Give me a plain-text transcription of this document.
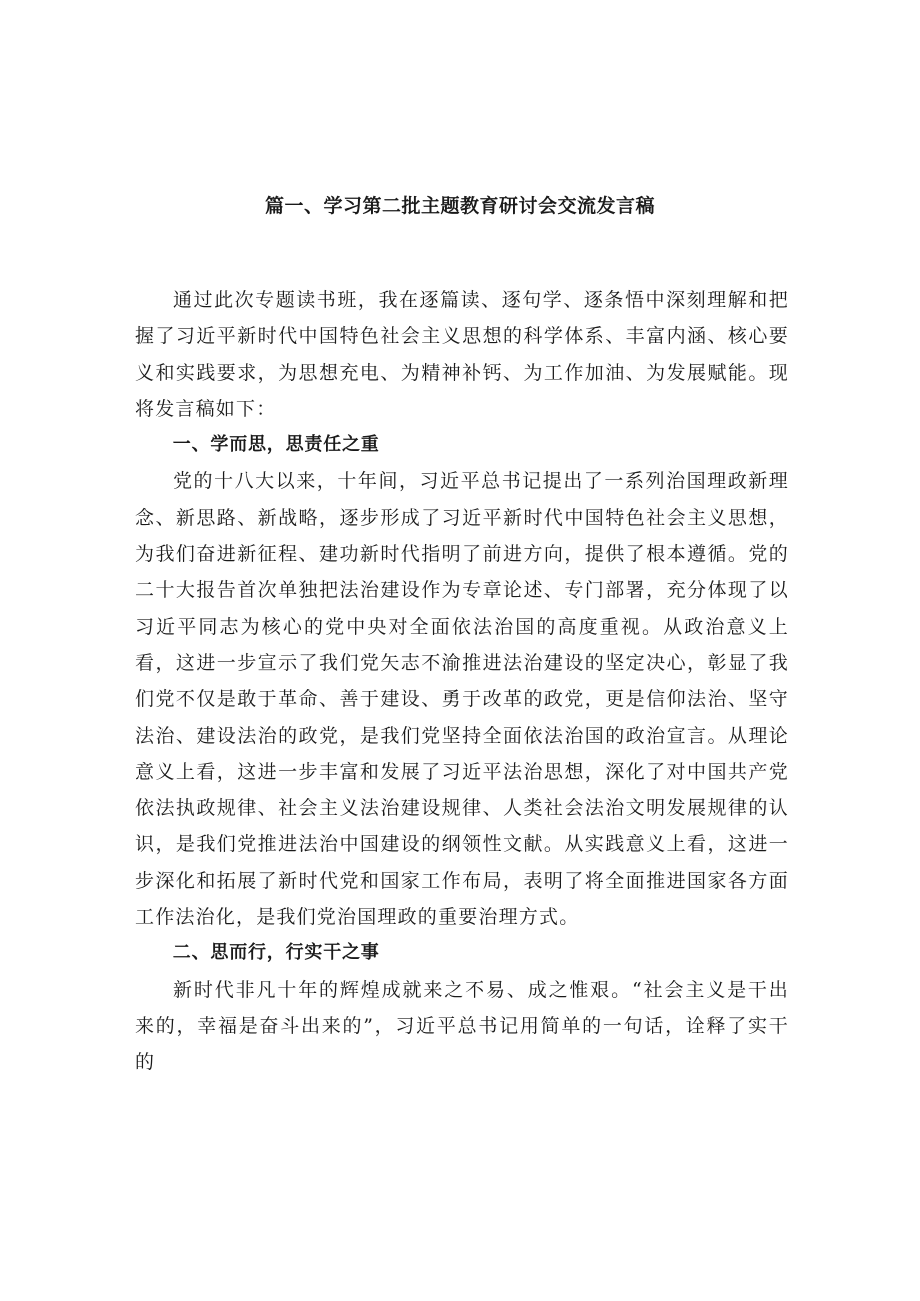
篇一、学习第二批主题教育研讨会交流发言稿

通过此次专题读书班，我在逐篇读、逐句学、逐条悟中深刻理解和把握了习近平新时代中国特色社会主义思想的科学体系、丰富内涵、核心要义和实践要求，为思想充电、为精神补钙、为工作加油、为发展赋能。现将发言稿如下：

一、学而思，思责任之重

党的十八大以来，十年间，习近平总书记提出了一系列治国理政新理念、新思路、新战略，逐步形成了习近平新时代中国特色社会主义思想，为我们奋进新征程、建功新时代指明了前进方向，提供了根本遵循。党的二十大报告首次单独把法治建设作为专章论述、专门部署，充分体现了以习近平同志为核心的党中央对全面依法治国的高度重视。从政治意义上看，这进一步宣示了我们党矢志不渝推进法治建设的坚定决心，彰显了我们党不仅是敢于革命、善于建设、勇于改革的政党，更是信仰法治、坚守法治、建设法治的政党，是我们党坚持全面依法治国的政治宣言。从理论意义上看，这进一步丰富和发展了习近平法治思想，深化了对中国共产党依法执政规律、社会主义法治建设规律、人类社会法治文明发展规律的认识，是我们党推进法治中国建设的纲领性文献。从实践意义上看，这进一步深化和拓展了新时代党和国家工作布局，表明了将全面推进国家各方面工作法治化，是我们党治国理政的重要治理方式。

二、思而行，行实干之事

新时代非凡十年的辉煌成就来之不易、成之惟艰。“社会主义是干出来的，幸福是奋斗出来的”，习近平总书记用简单的一句话，诠释了实干的
